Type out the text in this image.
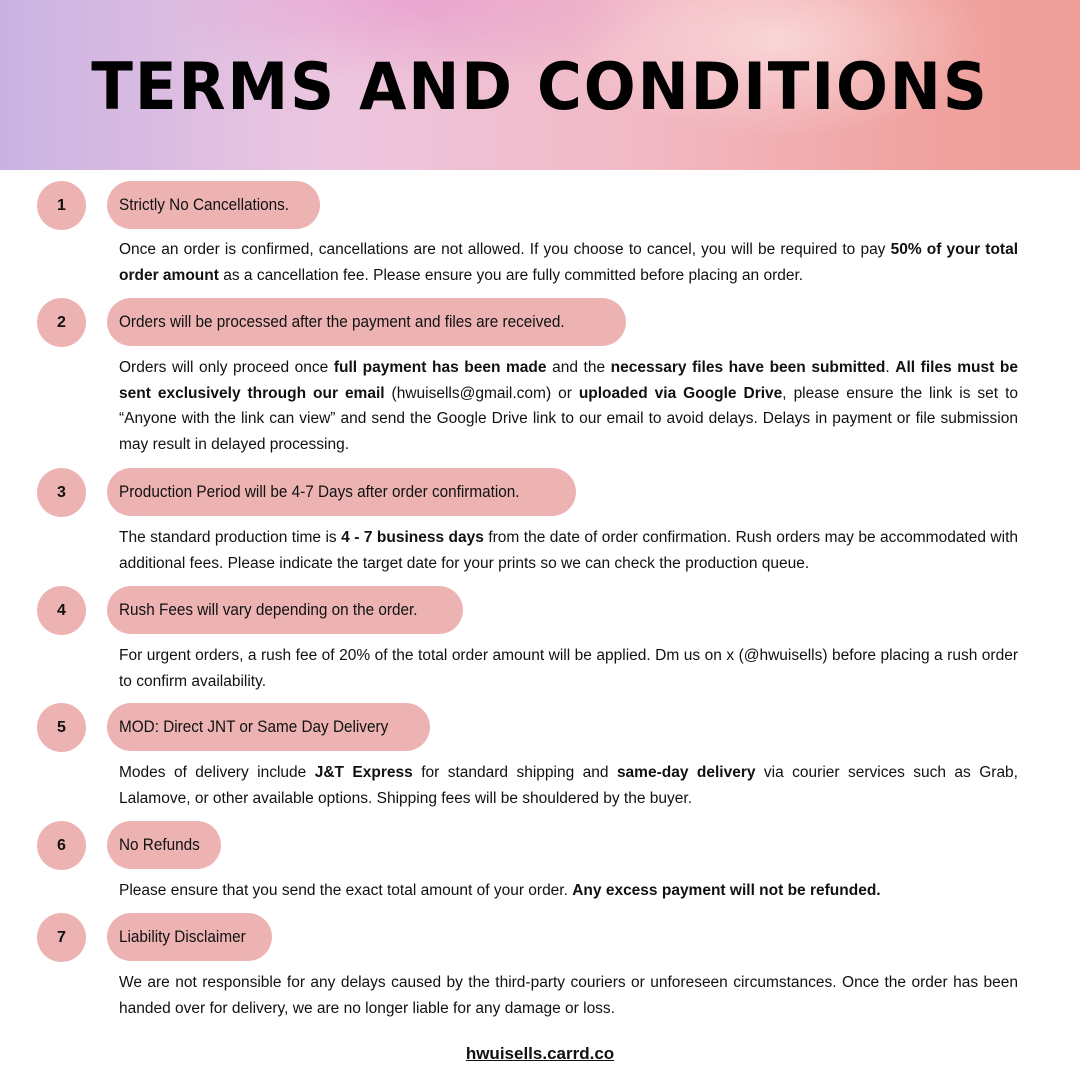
TERMS AND CONDITIONS
1	Strictly No Cancellations.

Once an order is confirmed, cancellations are not allowed. If you choose to cancel, you will be required to pay 50% of your total order amount as a cancellation fee. Please ensure you are fully committed before placing an order.

2	Orders will be processed after the payment and files are received.

Orders will only proceed once full payment has been made and the necessary files have been submitted. All files must be sent exclusively through our email (hwuisells@gmail.com) or uploaded via Google Drive, please ensure the link is set to “Anyone with the link can view” and send the Google Drive link to our email to avoid delays. Delays in payment or file submission may result in delayed processing.

3	Production Period will be 4-7 Days after order confirmation.

The standard production time is 4 - 7 business days from the date of order confirmation. Rush orders may be accommodated with additional fees. Please indicate the target date for your prints so we can check the production queue.

4	Rush Fees will vary depending on the order.

For urgent orders, a rush fee of 20% of the total order amount will be applied. Dm us on x (@hwuisells) before placing a rush order to confirm availability.

5	MOD: Direct JNT or Same Day Delivery

Modes of delivery include J&T Express for standard shipping and same-day delivery via courier services such as Grab, Lalamove, or other available options. Shipping fees will be shouldered by the buyer.

6	No Refunds

Please ensure that you send the exact total amount of your order. Any excess payment will not be refunded.

7	Liability Disclaimer

We are not responsible for any delays caused by the third-party couriers or unforeseen circumstances. Once the order has been handed over for delivery, we are no longer liable for any damage or loss.

hwuisells.carrd.co
